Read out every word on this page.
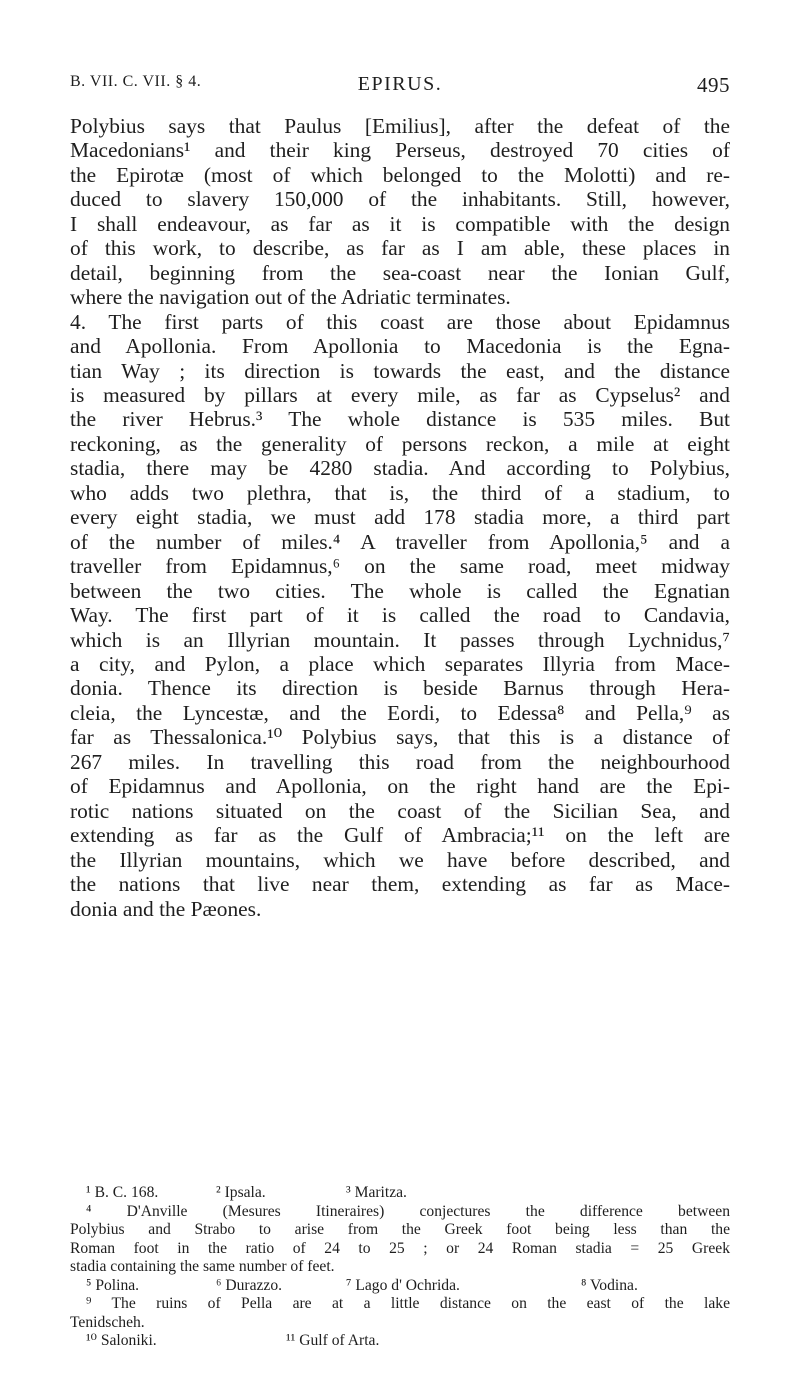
B. VII. C. VII. § 4.	EPIRUS.	495
Polybius says that Paulus [Emilius], after the defeat of the
Macedonians¹ and their king Perseus, destroyed 70 cities of
the Epirotæ (most of which belonged to the Molotti) and re-
duced to slavery 150,000 of the inhabitants. Still, however,
I shall endeavour, as far as it is compatible with the design
of this work, to describe, as far as I am able, these places in
detail, beginning from the sea-coast near the Ionian Gulf,
where the navigation out of the Adriatic terminates.
4. The first parts of this coast are those about Epidamnus
and Apollonia. From Apollonia to Macedonia is the Egna-
tian Way ; its direction is towards the east, and the distance
is measured by pillars at every mile, as far as Cypselus² and
the river Hebrus.³ The whole distance is 535 miles. But
reckoning, as the generality of persons reckon, a mile at eight
stadia, there may be 4280 stadia. And according to Polybius,
who adds two plethra, that is, the third of a stadium, to
every eight stadia, we must add 178 stadia more, a third part
of the number of miles.⁴ A traveller from Apollonia,⁵ and a
traveller from Epidamnus,⁶ on the same road, meet midway
between the two cities. The whole is called the Egnatian
Way. The first part of it is called the road to Candavia,
which is an Illyrian mountain. It passes through Lychnidus,⁷
a city, and Pylon, a place which separates Illyria from Mace-
donia. Thence its direction is beside Barnus through Hera-
cleia, the Lyncestæ, and the Eordi, to Edessa⁸ and Pella,⁹ as
far as Thessalonica.¹⁰ Polybius says, that this is a distance of
267 miles. In travelling this road from the neighbourhood
of Epidamnus and Apollonia, on the right hand are the Epi-
rotic nations situated on the coast of the Sicilian Sea, and
extending as far as the Gulf of Ambracia;¹¹ on the left are
the Illyrian mountains, which we have before described, and
the nations that live near them, extending as far as Mace-
donia and the Pæones.
¹ B. C. 168.	² Ipsala.	³ Maritza.
⁴ D'Anville (Mesures Itineraires) conjectures the difference between
Polybius and Strabo to arise from the Greek foot being less than the
Roman foot in the ratio of 24 to 25 ; or 24 Roman stadia = 25 Greek
stadia containing the same number of feet.
⁵ Polina.	⁶ Durazzo.	⁷ Lago d' Ochrida.	⁸ Vodina.
⁹ The ruins of Pella are at a little distance on the east of the lake
Tenidscheh.
¹⁰ Saloniki.	¹¹ Gulf of Arta.
